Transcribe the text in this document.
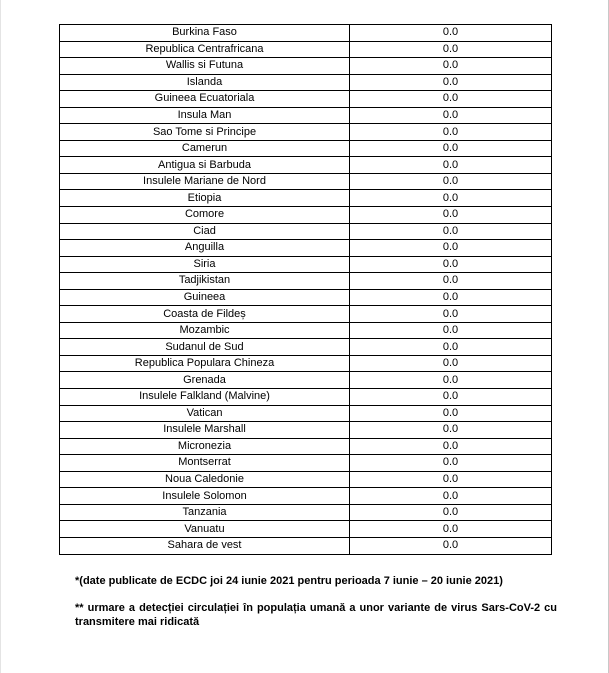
Burkina Faso	0.0
Republica Centrafricana	0.0
Wallis si Futuna	0.0
Islanda	0.0
Guineea Ecuatoriala	0.0
Insula Man	0.0
Sao Tome si Principe	0.0
Camerun	0.0
Antigua si Barbuda	0.0
Insulele Mariane de Nord	0.0
Etiopia	0.0
Comore	0.0
Ciad	0.0
Anguilla	0.0
Siria	0.0
Tadjikistan	0.0
Guineea	0.0
Coasta de Fildeș	0.0
Mozambic	0.0
Sudanul de Sud	0.0
Republica Populara Chineza	0.0
Grenada	0.0
Insulele Falkland (Malvine)	0.0
Vatican	0.0
Insulele Marshall	0.0
Micronezia	0.0
Montserrat	0.0
Noua Caledonie	0.0
Insulele Solomon	0.0
Tanzania	0.0
Vanuatu	0.0
Sahara de vest	0.0
*(date publicate de ECDC joi 24 iunie 2021 pentru perioada 7 iunie – 20 iunie 2021)
** urmare a detecției circulației în populația umană a unor variante de virus Sars-CoV-2 cu transmitere mai ridicată
